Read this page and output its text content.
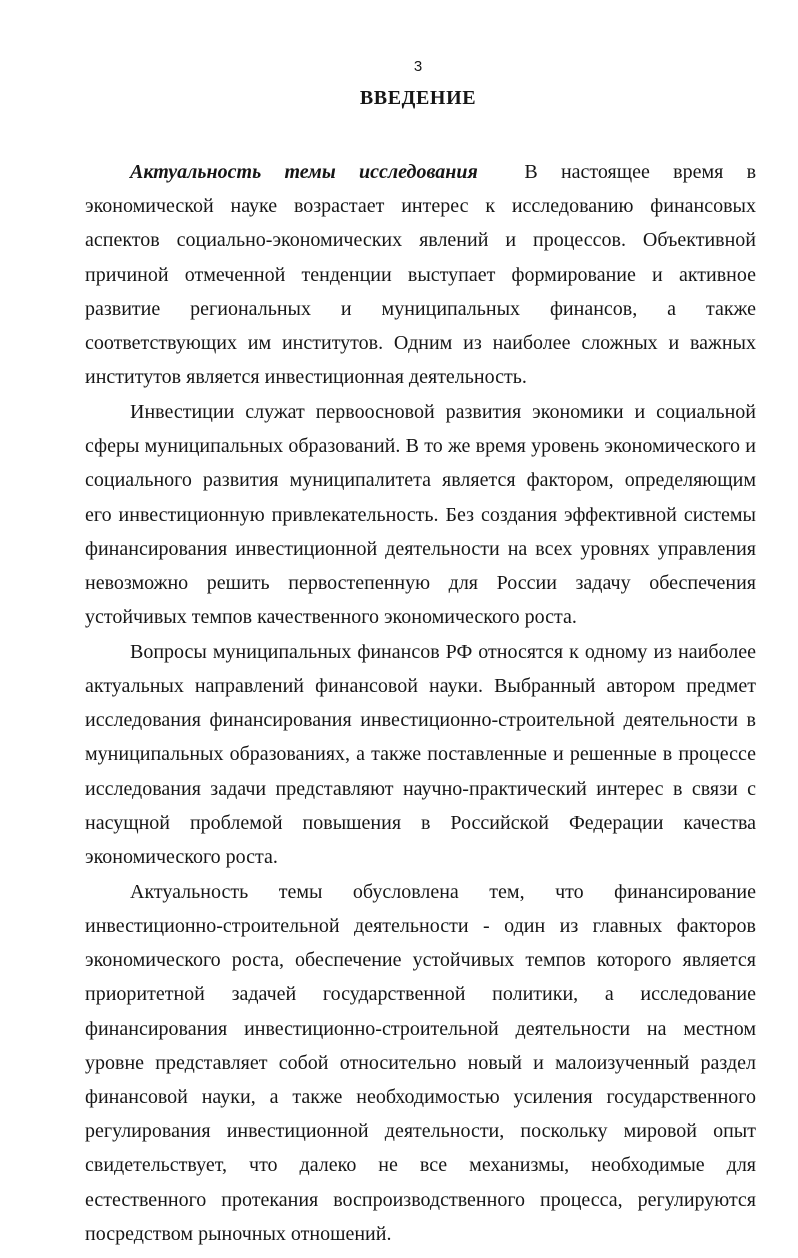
3
ВВЕДЕНИЕ

Актуальность темы исследования В настоящее время в экономической науке возрастает интерес к исследованию финансовых аспектов социально-экономических явлений и процессов. Объективной причиной отмеченной тенденции выступает формирование и активное развитие региональных и муниципальных финансов, а также соответствующих им институтов. Одним из наиболее сложных и важных институтов является инвестиционная деятельность.

Инвестиции служат первоосновой развития экономики и социальной сферы муниципальных образований. В то же время уровень экономического и социального развития муниципалитета является фактором, определяющим его инвестиционную привлекательность. Без создания эффективной системы финансирования инвестиционной деятельности на всех уровнях управления невозможно решить первостепенную для России задачу обеспечения устойчивых темпов качественного экономического роста.

Вопросы муниципальных финансов РФ относятся к одному из наиболее актуальных направлений финансовой науки. Выбранный автором предмет исследования финансирования инвестиционно-строительной деятельности в муниципальных образованиях, а также поставленные и решенные в процессе исследования задачи представляют научно-практический интерес в связи с насущной проблемой повышения в Российской Федерации качества экономического роста.

Актуальность темы обусловлена тем, что финансирование инвестиционно-строительной деятельности - один из главных факторов экономического роста, обеспечение устойчивых темпов которого является приоритетной задачей государственной политики, а исследование финансирования инвестиционно-строительной деятельности на местном уровне представляет собой относительно новый и малоизученный раздел финансовой науки, а также необходимостью усиления государственного регулирования инвестиционной деятельности, поскольку мировой опыт свидетельствует, что далеко не все механизмы, необходимые для естественного протекания воспроизводственного процесса, регулируются посредством рыночных отношений.
